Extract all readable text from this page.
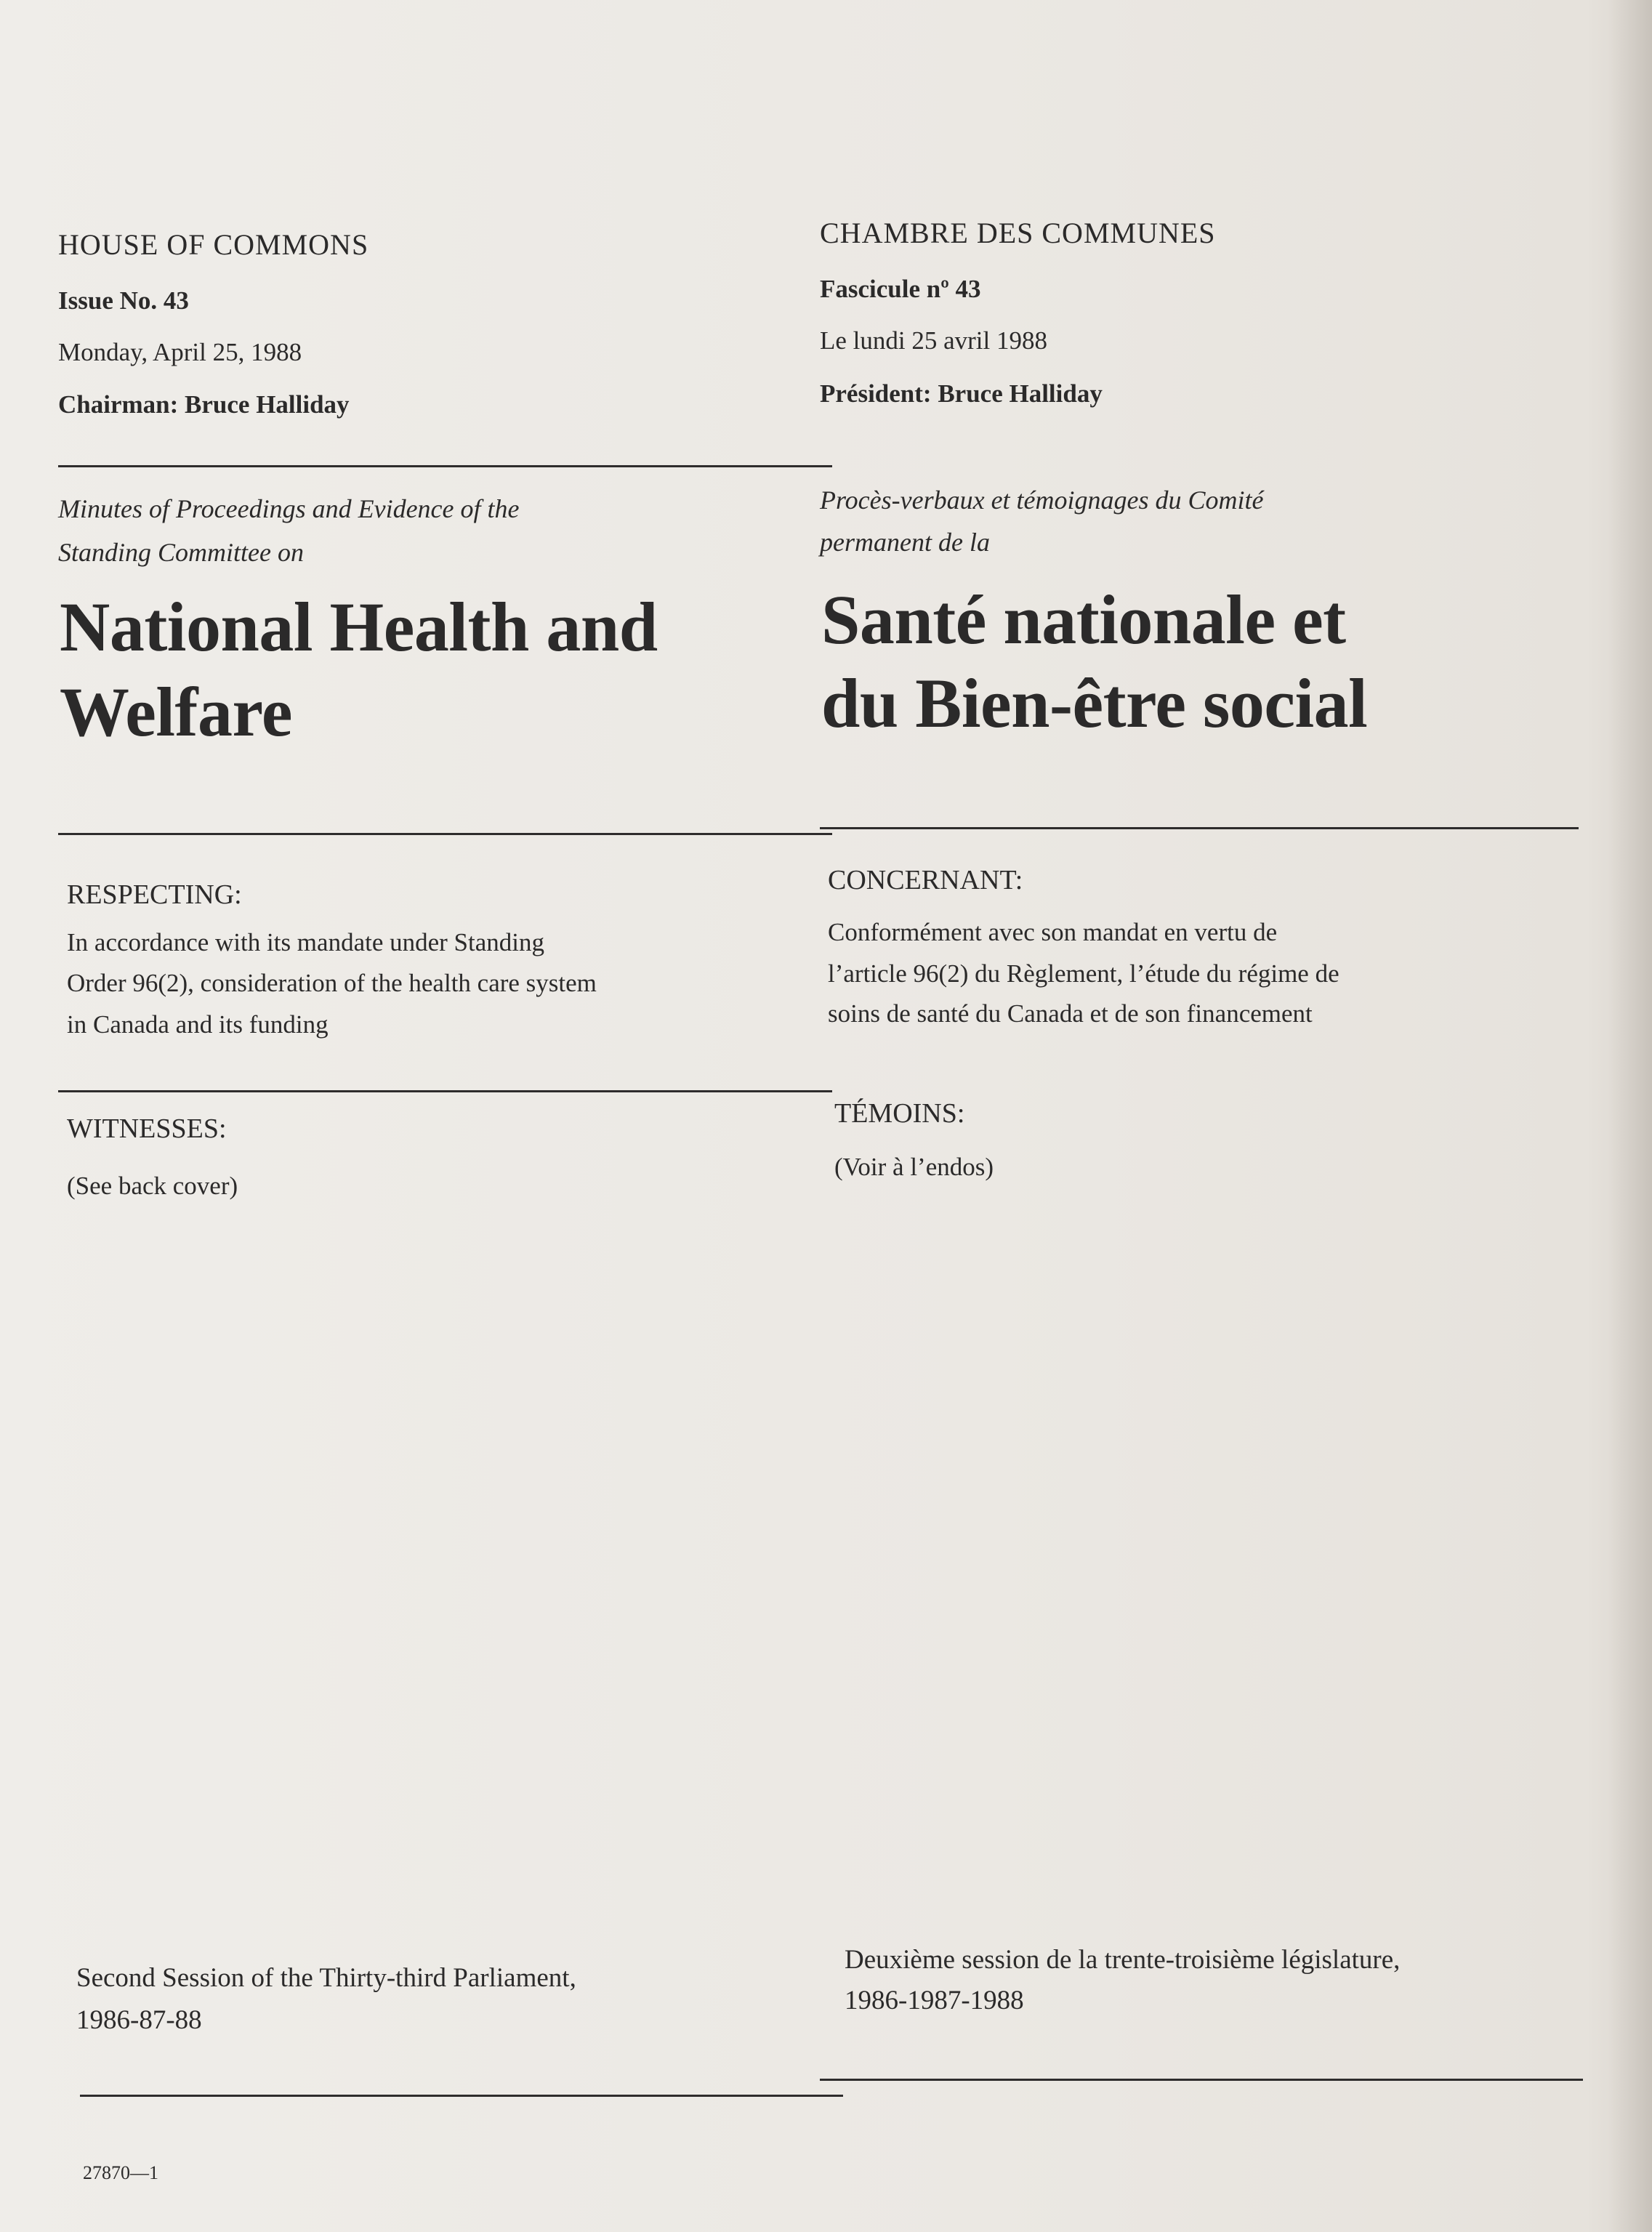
HOUSE OF COMMONS

Issue No. 43

Monday, April 25, 1988

Chairman: Bruce Halliday

Minutes of Proceedings and Evidence of the

Standing Committee on

National Health and

Welfare

RESPECTING:

In accordance with its mandate under Standing

Order 96(2), consideration of the health care system

in Canada and its funding

WITNESSES:

(See back cover)

Second Session of the Thirty-third Parliament,

1986-87-88

27870—1

CHAMBRE DES COMMUNES

Fascicule nº 43

Le lundi 25 avril 1988

Président: Bruce Halliday

Procès-verbaux et témoignages du Comité

permanent de la

Santé nationale et

du Bien-être social

CONCERNANT:

Conformément avec son mandat en vertu de

l’article 96(2) du Règlement, l’étude du régime de

soins de santé du Canada et de son financement

TÉMOINS:

(Voir à l’endos)

Deuxième session de la trente-troisième législature,

1986-1987-1988
